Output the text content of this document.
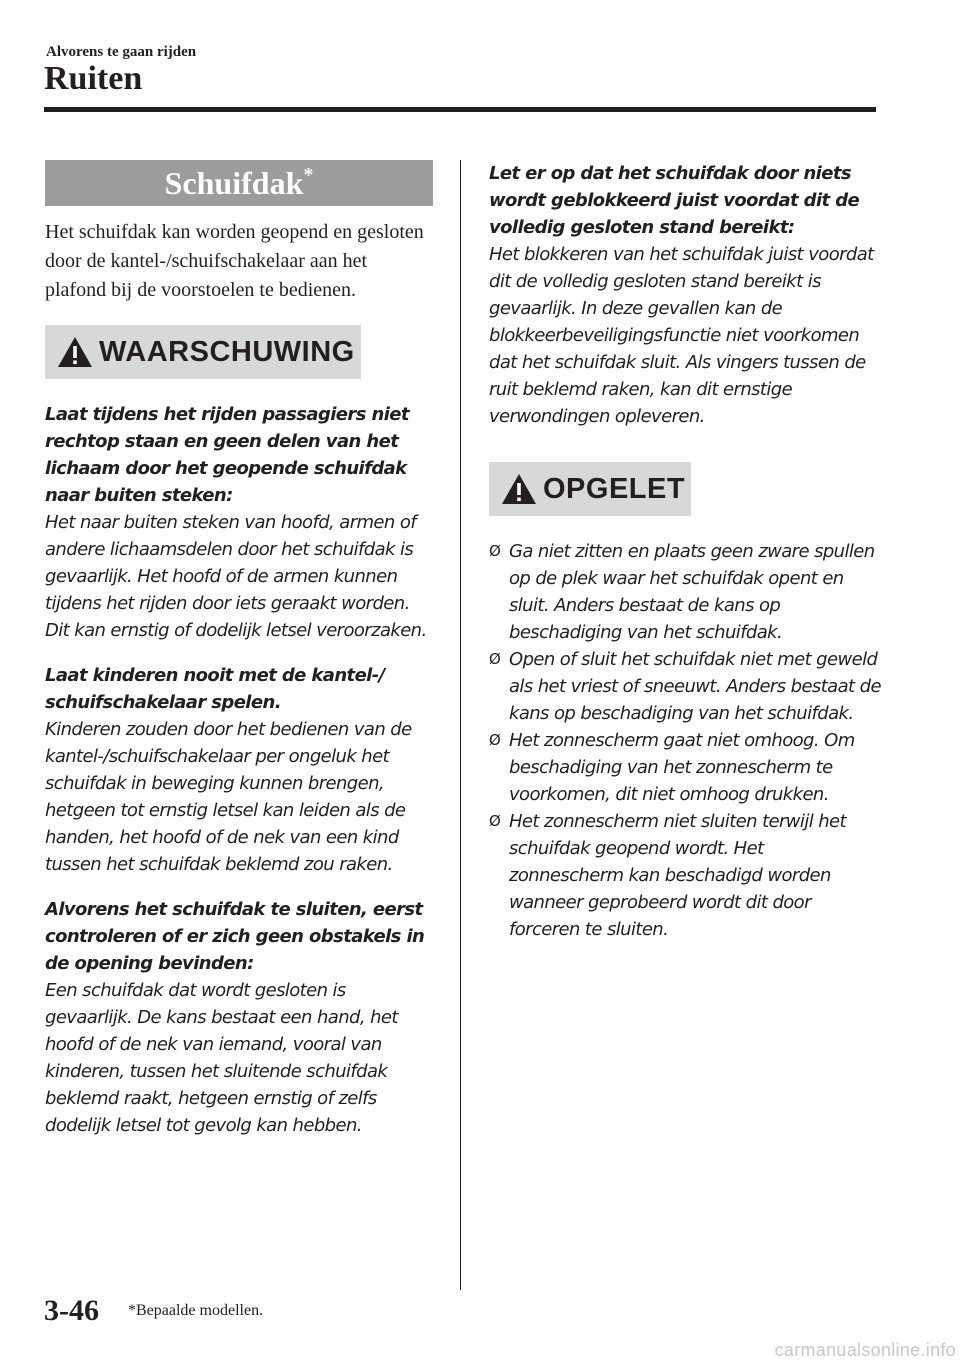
Alvorens te gaan rijden
Ruiten
Schuifdak*
Het schuifdak kan worden geopend en gesloten door de kantel-/schuifschakelaar aan het plafond bij de voorstoelen te bedienen.
WAARSCHUWING
Laat tijdens het rijden passagiers niet rechtop staan en geen delen van het lichaam door het geopende schuifdak naar buiten steken:
Het naar buiten steken van hoofd, armen of andere lichaamsdelen door het schuifdak is gevaarlijk. Het hoofd of de armen kunnen tijdens het rijden door iets geraakt worden. Dit kan ernstig of dodelijk letsel veroorzaken.
Laat kinderen nooit met de kantel-/ schuifschakelaar spelen.
Kinderen zouden door het bedienen van de kantel-/schuifschakelaar per ongeluk het schuifdak in beweging kunnen brengen, hetgeen tot ernstig letsel kan leiden als de handen, het hoofd of de nek van een kind tussen het schuifdak beklemd zou raken.
Alvorens het schuifdak te sluiten, eerst controleren of er zich geen obstakels in de opening bevinden:
Een schuifdak dat wordt gesloten is gevaarlijk. De kans bestaat een hand, het hoofd of de nek van iemand, vooral van kinderen, tussen het sluitende schuifdak beklemd raakt, hetgeen ernstig of zelfs dodelijk letsel tot gevolg kan hebben.
Let er op dat het schuifdak door niets wordt geblokkeerd juist voordat dit de volledig gesloten stand bereikt:
Het blokkeren van het schuifdak juist voordat dit de volledig gesloten stand bereikt is gevaarlijk. In deze gevallen kan de blokkeerbeveiligingsfunctie niet voorkomen dat het schuifdak sluit. Als vingers tussen de ruit beklemd raken, kan dit ernstige verwondingen opleveren.
OPGELET
Ø Ga niet zitten en plaats geen zware spullen op de plek waar het schuifdak opent en sluit. Anders bestaat de kans op beschadiging van het schuifdak.
Ø Open of sluit het schuifdak niet met geweld als het vriest of sneeuwt. Anders bestaat de kans op beschadiging van het schuifdak.
Ø Het zonnescherm gaat niet omhoog. Om beschadiging van het zonnescherm te voorkomen, dit niet omhoog drukken.
Ø Het zonnescherm niet sluiten terwijl het schuifdak geopend wordt. Het zonnescherm kan beschadigd worden wanneer geprobeerd wordt dit door forceren te sluiten.
3-46 *Bepaalde modellen.
carmanualsonline.info
